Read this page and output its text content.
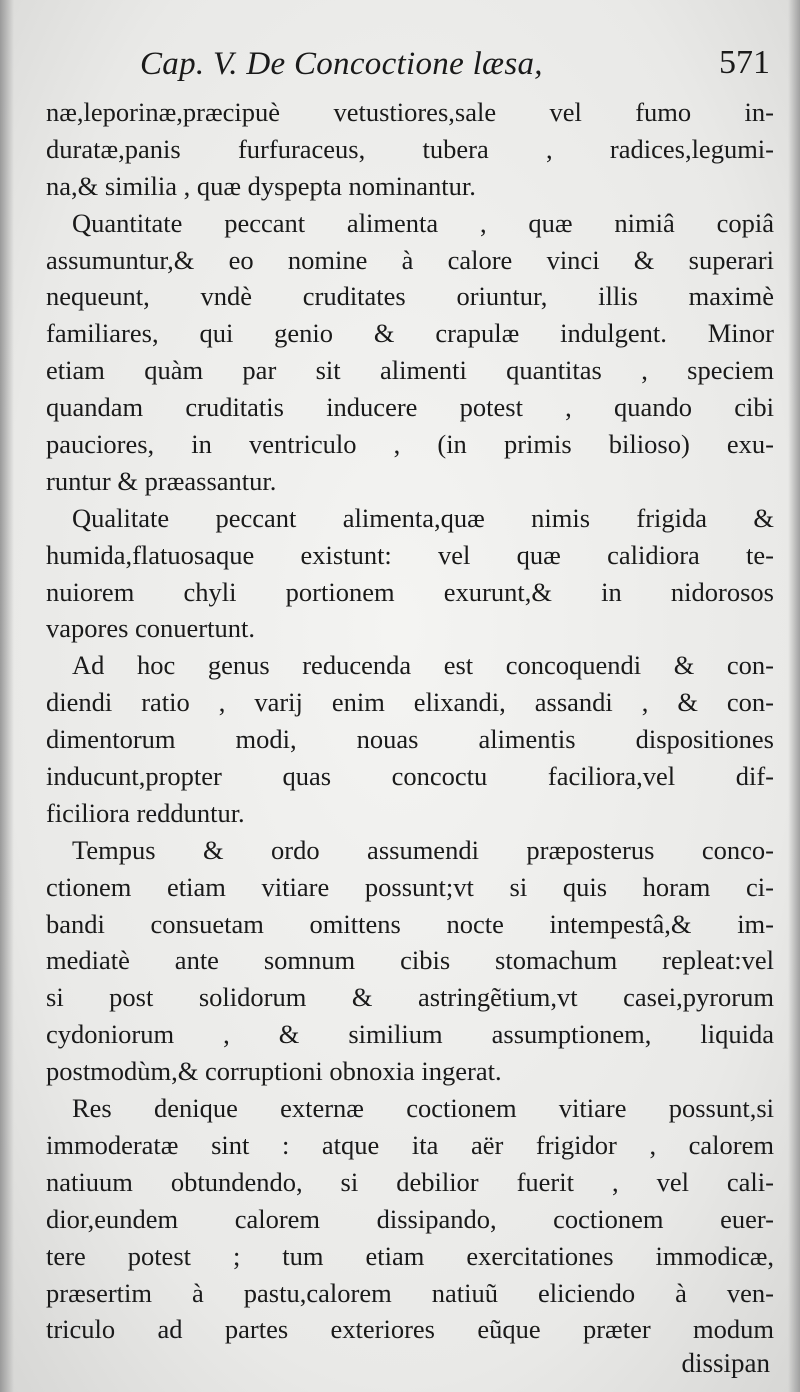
Cap. V. De Concoctione læsa,	571
næ,leporinæ,præcipuè vetustiores,sale vel fumo in-
duratæ,panis furfuraceus, tubera , radices,legumi-
na,& similia , quæ dyspepta nominantur.
Quantitate peccant alimenta , quæ nimiâ copiâ
assumuntur,& eo nomine à calore vinci & superari
nequeunt, vndè cruditates oriuntur, illis maximè
familiares, qui genio & crapulæ indulgent. Minor
etiam quàm par sit alimenti quantitas , speciem
quandam cruditatis inducere potest , quando cibi
pauciores, in ventriculo , (in primis bilioso) exu-
runtur & præassantur.
Qualitate peccant alimenta,quæ nimis frigida &
humida,flatuosaque existunt: vel quæ calidiora te-
nuiorem chyli portionem exurunt,& in nidorosos
vapores conuertunt.
Ad hoc genus reducenda est concoquendi & con-
diendi ratio , varij enim elixandi, assandi , & con-
dimentorum modi, nouas alimentis dispositiones
inducunt,propter quas concoctu faciliora,vel dif-
ficiliora redduntur.
Tempus & ordo assumendi præposterus conco-
ctionem etiam vitiare possunt;vt si quis horam ci-
bandi consuetam omittens nocte intempestâ,& im-
mediatè ante somnum cibis stomachum repleat:vel
si post solidorum & astringẽtium,vt casei,pyrorum
cydoniorum , & similium assumptionem, liquida
postmodùm,& corruptioni obnoxia ingerat.
Res denique externæ coctionem vitiare possunt,si
immoderatæ sint : atque ita aër frigidor , calorem
natiuum obtundendo, si debilior fuerit , vel cali-
dior,eundem calorem dissipando, coctionem euer-
tere potest ; tum etiam exercitationes immodicæ,
præsertim à pastu,calorem natiuũ eliciendo à ven-
triculo ad partes exteriores eũque præter modum
dissipan
